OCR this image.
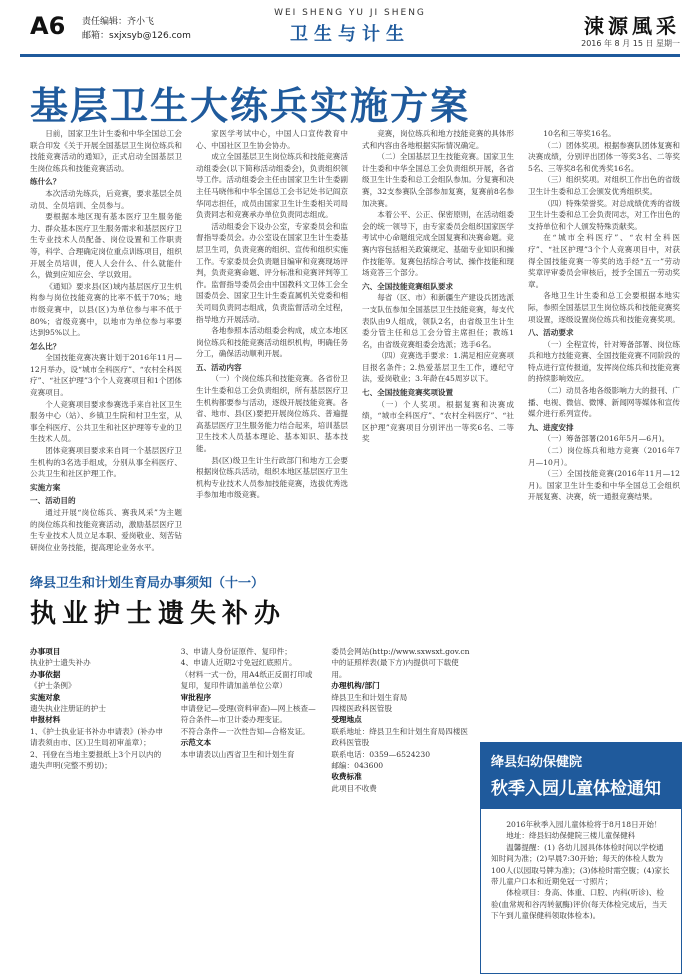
A6 责任编辑：齐小飞
邮箱：sxjxsyb@126.com
WEI SHENG YU JI SHENG
卫生与计生	涑源風采
2016 年 8 月 15 日 星期一
基层卫生大练兵实施方案

日前，国家卫生计生委和中华全国总工会联合印发《关于开展全国基层卫生岗位练兵和技能竞赛活动的通知》，正式启动全国基层卫生岗位练兵和技能竞赛活动。

练什么？

本次活动先练兵，后竞赛，要求基层全员动员、全员培训、全员参与。

要根据本地区现有基本医疗卫生服务能力、群众基本医疗卫生服务需求和基层医疗卫生专业技术人员配备、岗位设置和工作职责等，科学、合理确定岗位重点训练项目，组织开展全员培训，使人人会什么、什么就能什么，做到应知应会、学以致用。

《通知》要求县(区)域内基层医疗卫生机构参与岗位技能竞赛的比率不低于70%；地市级竞赛中，以县(区)为单位参与率不低于80%；省级竞赛中，以地市为单位参与率要达到95%以上。

怎么比？

全国技能竞赛决赛计划于2016年11月—12月举办，设“城市全科医疗”、“农村全科医疗”、“社区护理”3个个人竞赛项目和1个团体竞赛项目。

个人竞赛项目要求参赛选手来自社区卫生服务中心（站）、乡镇卫生院和村卫生室，从事全科医疗、公共卫生和社区护理等专业的卫生技术人员。

团体竞赛项目要求来自同一个基层医疗卫生机构的3名选手组成，分别从事全科医疗、公共卫生和社区护理工作。

实施方案

一、活动目的

通过开展“岗位练兵、赛我风采”为主题的岗位练兵和技能竞赛活动，激励基层医疗卫生专业技术人员立足本职、爱岗敬业、刻苦钻研岗位业务技能，提高理论业务水平。

家医学考试中心，中国人口宣传教育中心、中国社区卫生协会协办。

成立全国基层卫生岗位练兵和技能竞赛活动组委会(以下简称活动组委会)，负责组织领导工作。活动组委会主任由国家卫生计生委副主任马晓伟和中华全国总工会书记处书记阎京华同志担任，成员由国家卫生计生委相关司局负责同志和竞赛承办单位负责同志组成。

活动组委会下设办公室，专家委员会和监督指导委员会。办公室设在国家卫生计生委基层卫生司，负责竞赛的组织、宣传和组织实施工作。专家委员会负责题目编审和竞赛现场评判，负责竞赛命题、评分标准和竞赛评判等工作。监督指导委员会由中国教科文卫体工会全国委员会、国家卫生计生委直属机关党委和相关司局负责同志组成，负责监督活动全过程，指导地方开展活动。

各地参照本活动组委会构成，成立本地区岗位练兵和技能竞赛活动组织机构，明确任务分工，确保活动顺利开展。

五、活动内容

（一）个岗位练兵和技能竞赛。各省份卫生计生委和总工会负责组织，所有基层医疗卫生机构都要参与活动，逐级开展技能竞赛。各省、地市、县(区)要把开展岗位练兵、普遍提高基层医疗卫生服务能力结合起来，培训基层卫生技术人员基本理论、基本知识、基本技能。

县(区)级卫生计生行政部门和地方工会要根据岗位练兵活动，组织本地区基层医疗卫生机构专业技术人员参加技能竞赛，选拔优秀选手参加地市级竞赛。

竞赛，岗位练兵和地方技能竞赛的具体形式和内容由各地根据实际情况确定。

（二）全国基层卫生技能竞赛。国家卫生计生委和中华全国总工会负责组织开展，各省级卫生计生委和总工会组队参加。分复赛和决赛，32支参赛队全部参加复赛，复赛前8名参加决赛。

本着公平、公正、保密原则，在活动组委会的统一领导下，由专家委员会组织国家医学考试中心命题组完成全国复赛和决赛命题。竞赛内容包括相关政策规定、基础专业知识和操作技能等。复赛包括综合考试、操作技能和现场竞答三个部分。

六、全国技能竞赛组队要求

每省（区、市）和新疆生产建设兵团选派一支队伍参加全国基层卫生技能竞赛，每支代表队由9人组成，领队2名，由省级卫生计生委分管主任和总工会分管主席担任；教练1名，由省级竞赛组委会选派；选手6名。

（四）竞赛选手要求：1.满足相应竞赛项目报名条件；2.热爱基层卫生工作，遵纪守法，爱岗敬业；3.年龄在45周岁以下。

七、全国技能竞赛奖项设置

（一）个人奖项。根据复赛和决赛成绩，“城市全科医疗”、“农村全科医疗”、“社区护理”竞赛项目分别评出一等奖6名、二等奖

10名和三等奖16名。

（二）团体奖项。根据参赛队团体复赛和决赛成绩，分别评出团体一等奖3名、二等奖5名、三等奖8名和优秀奖16名。

（三）组织奖项。对组织工作出色的省级卫生计生委和总工会颁发优秀组织奖。

（四）特殊荣誉奖。对总成绩优秀的省级卫生计生委和总工会负责同志，对工作出色的支持单位和个人颁发特殊贡献奖。

在“城市全科医疗”、“农村全科医疗”、“社区护理”3个个人竞赛项目中，对获得全国技能竞赛一等奖的选手经“五一”劳动奖章评审委员会审核后，授予全国五一劳动奖章。

各地卫生计生委和总工会要根据本地实际，参照全国基层卫生岗位练兵和技能竞赛奖项设置，逐级设置岗位练兵和技能竞赛奖项。

八、活动要求

（一）全程宣传，针对筹备部署、岗位练兵和地方技能竞赛、全国技能竞赛不同阶段的特点进行宣传报道，发挥岗位练兵和技能竞赛的持续影响效应。

（二）动员各地各级影响力大的报刊、广播、电视、微信、微博、新闻网等媒体和宣传媒介进行系列宣传。

九、进度安排

（一）筹备部署(2016年5月—6月)。

（二）岗位练兵和地方竞赛（2016年7月—10月）。

（三）全国技能竞赛(2016年11月—12月)。国家卫生计生委和中华全国总工会组织开展复赛、决赛，统一通报竞赛结果。

绛县卫生和计划生育局办事须知（十一）
执业护士遗失补办
办事项目
执业护士遗失补办
办事依据
《护士条例》
实施对象
遗失执业注册证的护士
申报材料
1、《护士执业证书补办申请表》(补办申请表须由市、区)卫生局初审盖章）；
2、刊登在当地主要报纸上3个月以内的遗失声明(完整不剪切)；
3、申请人身份证原件、复印件；
4、申请人近期2寸免冠红底照片。
（材料一式一份，用A4纸正反面打印或复印，复印件请加盖单位公章）
审批程序
申请登记—受理(资料审查)—网上核查—符合条件—市卫计委办理变证。
不符合条件—一次性告知—合格发证。
示范文本
本申请表以山西省卫生和计划生育
委员会网站(http://www.sxwsxt.gov.cn中的证照样表(最下方)内提供可下载使用。
办理机构/部门
绛县卫生和计划生育局
四楼医政科医管股
受理地点
联系地址：绛县卫生和计划生育局四楼医政科医管股
联系电话：0359—6524230
邮编：043600
收费标准
此项目不收费
绛县妇幼保健院
秋季入园儿童体检通知

2016年秋季入园儿童体检将于8月18日开始！

地址：绛县妇幼保健院三楼儿童保健科

温馨提醒：(1) 各幼儿园具体体检时间以学校通知时间为准；(2)早晨7:30开始；每天的体检人数为100人(以园取号牌为准)；(3)体检时需空腹；(4)家长带儿童户口本和近期免冠一寸照片；

体检项目：身高、体重、口腔、内科(听诊)、检验(血常规和谷丙转氨酶)评价(每天体检完成后，当天下午到儿童保健科领取体检本)。
